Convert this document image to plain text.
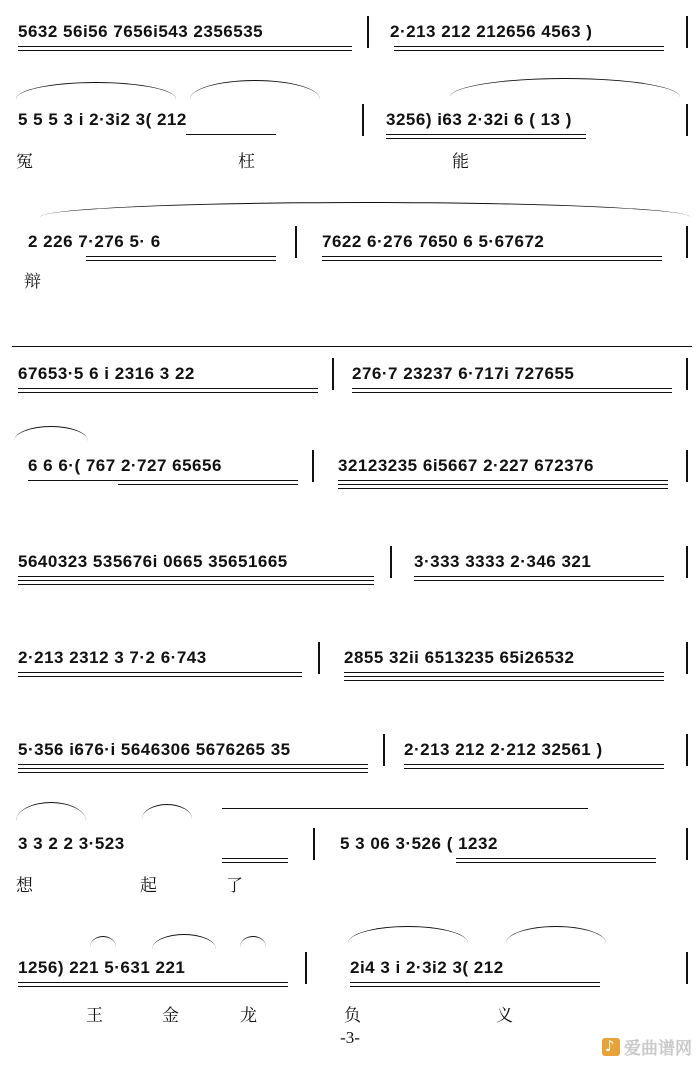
5632 56i56 7656i543 2356535	2·213 212 212656 4563 )
5 5 5 3 i 2·3i2 3( 212	3256) i63 2·32i 6 ( 13 )
冤	枉	能
2 226 7·276 5· 6	7622 6·276 7650 6 5·67672
辩
67653·5 6 i 2316 3 22	276·7 23237 6·717i 727655
6 6 6·( 767 2·727 65656	32123235 6i5667 2·227 672376
5640323 535676i 0665 35651665	3·333 3333 2·346 321
2·213 2312 3 7·2 6·743	2855 32ii 6513235 65i26532
5·356 i676·i 5646306 5676265 35	2·213 212 2·212 32561 )
3 3 2 2 3·523	5 3 06 3·526 ( 1232
想	起	了
1256) 221 5·631 221	2i4 3 i 2·3i2 3( 212
王	金	龙	负	义
-3-
♪
爱曲谱网
